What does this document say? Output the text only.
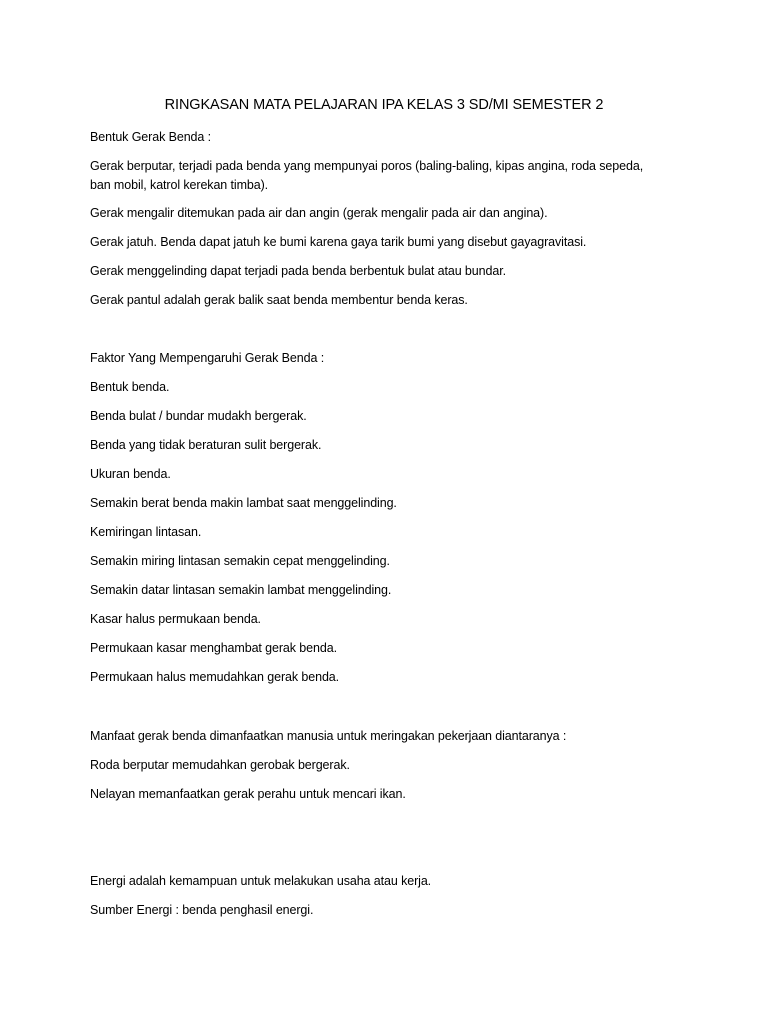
RINGKASAN MATA PELAJARAN IPA KELAS 3 SD/MI SEMESTER 2

Bentuk Gerak Benda :

Gerak berputar, terjadi pada benda yang mempunyai poros (baling-baling, kipas angina, roda sepeda,

ban mobil, katrol kerekan timba).

Gerak mengalir ditemukan pada air dan angin (gerak mengalir pada air dan angina).

Gerak jatuh. Benda dapat jatuh ke bumi karena gaya tarik bumi yang disebut gayagravitasi.

Gerak menggelinding dapat terjadi pada benda berbentuk bulat atau bundar.

Gerak pantul adalah gerak balik saat benda membentur benda keras.

Faktor Yang Mempengaruhi Gerak Benda :

Bentuk benda.

Benda bulat / bundar mudakh bergerak.

Benda yang tidak beraturan sulit bergerak.

Ukuran benda.

Semakin berat benda makin lambat saat menggelinding.

Kemiringan lintasan.

Semakin miring lintasan semakin cepat menggelinding.

Semakin datar lintasan semakin lambat menggelinding.

Kasar halus permukaan benda.

Permukaan kasar menghambat gerak benda.

Permukaan halus memudahkan gerak benda.

Manfaat gerak benda dimanfaatkan manusia untuk meringakan pekerjaan diantaranya :

Roda berputar memudahkan gerobak bergerak.

Nelayan memanfaatkan gerak perahu untuk mencari ikan.

Energi adalah kemampuan untuk melakukan usaha atau kerja.

Sumber Energi : benda penghasil energi.
